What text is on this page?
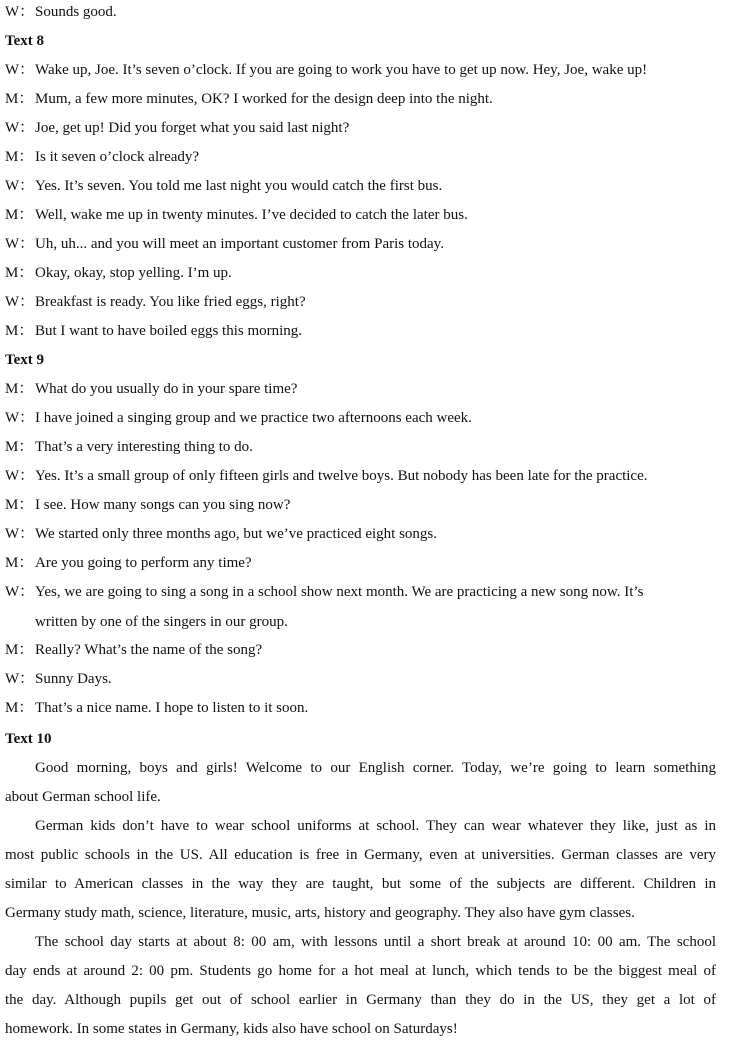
W： Sounds good.
Text 8
W： Wake up, Joe. It’s seven o’clock. If you are going to work you have to get up now. Hey, Joe, wake up!
M： Mum, a few more minutes, OK? I worked for the design deep into the night.
W： Joe, get up! Did you forget what you said last night?
M： Is it seven o’clock already?
W： Yes. It’s seven. You told me last night you would catch the first bus.
M： Well, wake me up in twenty minutes. I’ve decided to catch the later bus.
W： Uh, uh... and you will meet an important customer from Paris today.
M： Okay, okay, stop yelling. I’m up.
W： Breakfast is ready. You like fried eggs, right?
M： But I want to have boiled eggs this morning.
Text 9
M： What do you usually do in your spare time?
W： I have joined a singing group and we practice two afternoons each week.
M： That’s a very interesting thing to do.
W： Yes. It’s a small group of only fifteen girls and twelve boys. But nobody has been late for the practice.
M： I see. How many songs can you sing now?
W： We started only three months ago, but we’ve practiced eight songs.
M： Are you going to perform any time?
W： Yes, we are going to sing a song in a school show next month. We are practicing a new song now. It’s
written by one of the singers in our group.
M： Really? What’s the name of the song?
W： Sunny Days.
M： That’s a nice name. I hope to listen to it soon.
Text 10
Good morning, boys and girls! Welcome to our English corner. Today, we’re going to learn something
about German school life.
German kids don’t have to wear school uniforms at school. They can wear whatever they like, just as in
most public schools in the US. All education is free in Germany, even at universities. German classes are very
similar to American classes in the way they are taught, but some of the subjects are different. Children in
Germany study math, science, literature, music, arts, history and geography. They also have gym classes.
The school day starts at about 8: 00 am, with lessons until a short break at around 10: 00 am. The school
day ends at around 2: 00 pm. Students go home for a hot meal at lunch, which tends to be the biggest meal of
the day. Although pupils get out of school earlier in Germany than they do in the US, they get a lot of
homework. In some states in Germany, kids also have school on Saturdays!
